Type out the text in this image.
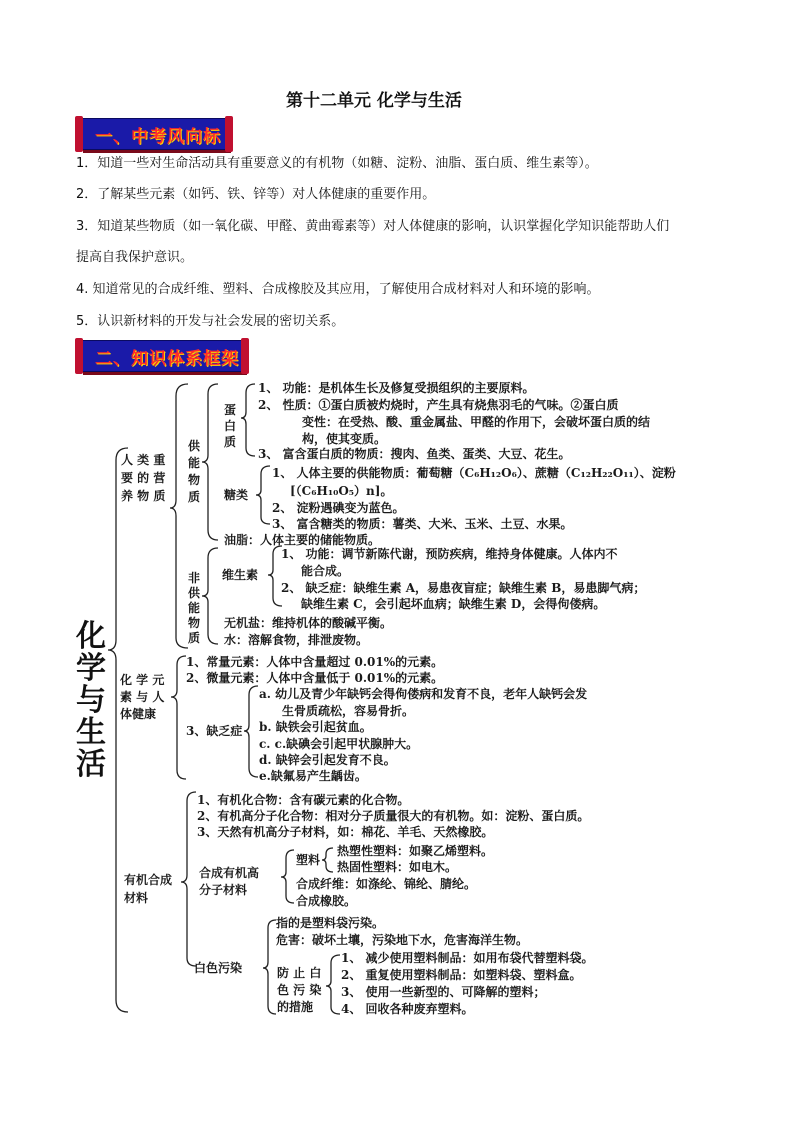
第十二单元 化学与生活
一、中考风向标
1．知道一些对生命活动具有重要意义的有机物（如糖、淀粉、油脂、蛋白质、维生素等）。
2．了解某些元素（如钙、铁、锌等）对人体健康的重要作用。
3．知道某些物质（如一氧化碳、甲醛、黄曲霉素等）对人体健康的影响，认识掌握化学知识能帮助人们
提高自我保护意识。
4. 知道常见的合成纤维、塑料、合成橡胶及其应用，了解使用合成材料对人和环境的影响。
5．认识新材料的开发与社会发展的密切关系。
二、知识体系框架
化
学
与
人 类 重
要 的 营
养 物 质
供
能
物
质
蛋
白
质
1、 功能：是机体生长及修复受损组织的主要原料。
2、 性质：①蛋白质被灼烧时，产生具有烧焦羽毛的气味。②蛋白质
变性：在受热、酸、重金属盐、甲醛的作用下，会破坏蛋白质的结
构，使其变质。
3、 富含蛋白质的物质：搜肉、鱼类、蛋类、大豆、花生。
糖类
1、 人体主要的供能物质：葡萄糖（C₆H₁₂O₆）、蔗糖（C₁₂H₂₂O₁₁）、淀粉
[（C₆H₁₀O₅）n]。
2、 淀粉遇碘变为蓝色。
3、 富含糖类的物质：薯类、大米、玉米、土豆、水果。
油脂：人体主要的储能物质。
非
供
能
物
质
维生素
1、 功能：调节新陈代谢，预防疾病，维持身体健康。人体内不
能合成。
2、 缺乏症：缺维生素 A，易患夜盲症；缺维生素 B，易患脚气病；
缺维生素 C，会引起坏血病；缺维生素 D，会得佝偻病。
无机盐：维持机体的酸碱平衡。
水：溶解食物，排泄废物。
化 学 元
素 与 人
体健康
1、常量元素：人体中含量超过 0.01%的元素。
2、微量元素：人体中含量低于 0.01%的元素。
3、缺乏症
a. 幼儿及青少年缺钙会得佝偻病和发育不良，老年人缺钙会发
生骨质疏松，容易骨折。
b. 缺铁会引起贫血。
c. c.缺碘会引起甲状腺肿大。
d. 缺锌会引起发育不良。
e.缺氟易产生龋齿。
有机合成
材料
1、有机化合物：含有碳元素的化合物。
2、有机高分子化合物：相对分子质量很大的有机物。如：淀粉、蛋白质。
3、天然有机高分子材料，如：棉花、羊毛、天然橡胶。
合成有机高
分子材料
塑料
热塑性塑料：如聚乙烯塑料。
热固性塑料：如电木。
合成纤维：如涤纶、锦纶、腈纶。
合成橡胶。
白色污染
指的是塑料袋污染。
危害：破坏土壤，污染地下水，危害海洋生物。
防 止 白
色 污 染
的措施
1、 减少使用塑料制品：如用布袋代替塑料袋。
2、 重复使用塑料制品：如塑料袋、塑料盒。
3、 使用一些新型的、可降解的塑料；
4、 回收各种废弃塑料。
生
活
